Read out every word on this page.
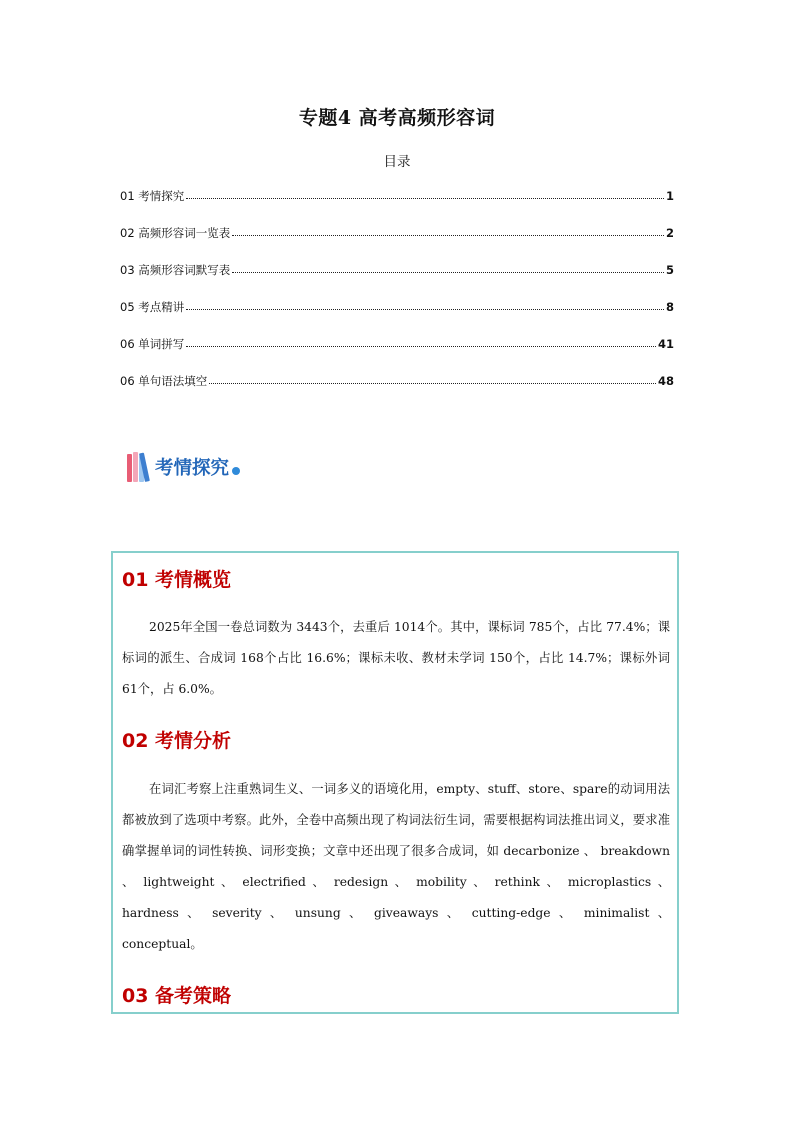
专题4 高考高频形容词
目录
01 考情探究	1
02 高频形容词一览表	2
03 高频形容词默写表	5
05 考点精讲	8
06 单词拼写	41
06 单句语法填空	48
考情探究
01 考情概览

2025年全国一卷总词数为 3443个，去重后 1014个。其中，课标词 785个，占比 77.4%；课标词的派生、合成词 168个占比 16.6%；课标未收、教材未学词 150个，占比 14.7%；课标外词 61个，占 6.0%。

02 考情分析

在词汇考察上注重熟词生义、一词多义的语境化用，empty、stuff、store、spare的动词用法都被放到了选项中考察。此外，全卷中高频出现了构词法衍生词，需要根据构词法推出词义，要求准确掌握单词的词性转换、词形变换；文章中还出现了很多合成词，如 decarbonize 、 breakdown 、 lightweight 、 electrified 、 redesign 、 mobility 、 rethink 、 microplastics 、 hardness 、 severity 、 unsung 、 giveaways 、 cutting-edge 、 minimalist 、 conceptual。

03 备考策略
